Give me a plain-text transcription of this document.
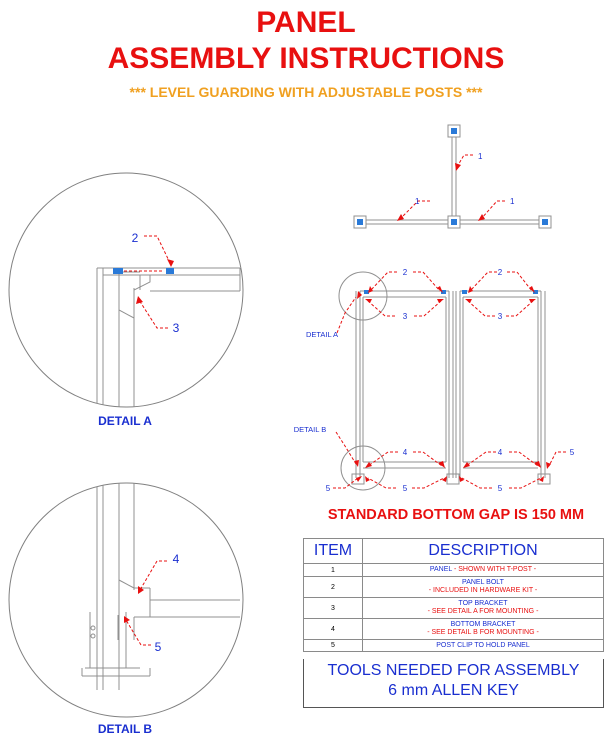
PANEL
ASSEMBLY INSTRUCTIONS
*** LEVEL GUARDING WITH ADJUSTABLE POSTS ***
2
3
DETAIL A
4
5
DETAIL B
1
1	1
DETAIL A
DETAIL B
2	2
3	3
4	4	5
5	5	5
STANDARD BOTTOM GAP IS 150 MM
ITEM	DESCRIPTION
1	PANEL - SHOWN WITH T-POST -
2	PANEL BOLT
- INCLUDED IN HARDWARE KIT -

3	TOP BRACKET
- SEE DETAIL A FOR MOUNTING -

4	BOTTOM BRACKET
- SEE DETAIL B FOR MOUNTING -

5	POST CLIP TO HOLD PANEL
TOOLS NEEDED FOR ASSEMBLY
6 mm ALLEN KEY
